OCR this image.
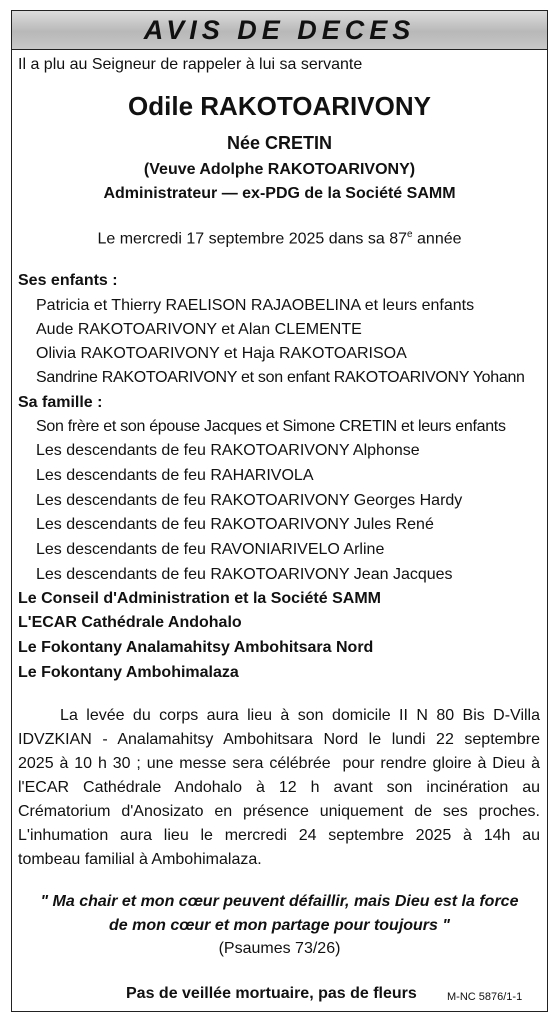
AVIS DE DECES
Il a plu au Seigneur de rappeler à lui sa servante
Odile RAKOTOARIVONY
Née CRETIN
(Veuve Adolphe RAKOTOARIVONY)
Administrateur — ex-PDG de la Société SAMM
Le mercredi 17 septembre 2025 dans sa 87e année
Ses enfants :
Patricia et Thierry RAELISON RAJAOBELINA et leurs enfants
Aude RAKOTOARIVONY et Alan CLEMENTE
Olivia RAKOTOARIVONY et Haja RAKOTOARISOA
Sandrine RAKOTOARIVONY et son enfant RAKOTOARIVONY Yohann
Sa famille :
Son frère et son épouse Jacques et Simone CRETIN et leurs enfants
Les descendants de feu RAKOTOARIVONY Alphonse
Les descendants de feu RAHARIVOLA
Les descendants de feu RAKOTOARIVONY Georges Hardy
Les descendants de feu RAKOTOARIVONY Jules René
Les descendants de feu RAVONIARIVELO Arline
Les descendants de feu RAKOTOARIVONY Jean Jacques
Le Conseil d'Administration et la Société SAMM
L'ECAR Cathédrale Andohalo
Le Fokontany Analamahitsy Ambohitsara Nord
Le Fokontany Ambohimalaza
La levée du corps aura lieu à son domicile II N 80 Bis D-Villa
IDVZKIAN - Analamahitsy Ambohitsara Nord le lundi 22 septembre
2025 à 10 h 30 ; une messe sera célébrée  pour rendre gloire à Dieu à
l'ECAR Cathédrale Andohalo à 12 h avant son incinération au
Crématorium d'Anosizato en présence uniquement de ses proches.
L'inhumation aura lieu le mercredi 24 septembre 2025 à 14h au
tombeau familial à Ambohimalaza.
" Ma chair et mon cœur peuvent défaillir, mais Dieu est la force
de mon cœur et mon partage pour toujours "
(Psaumes 73/26)
Pas de veillée mortuaire, pas de fleurs	M-NC 5876/1-1
